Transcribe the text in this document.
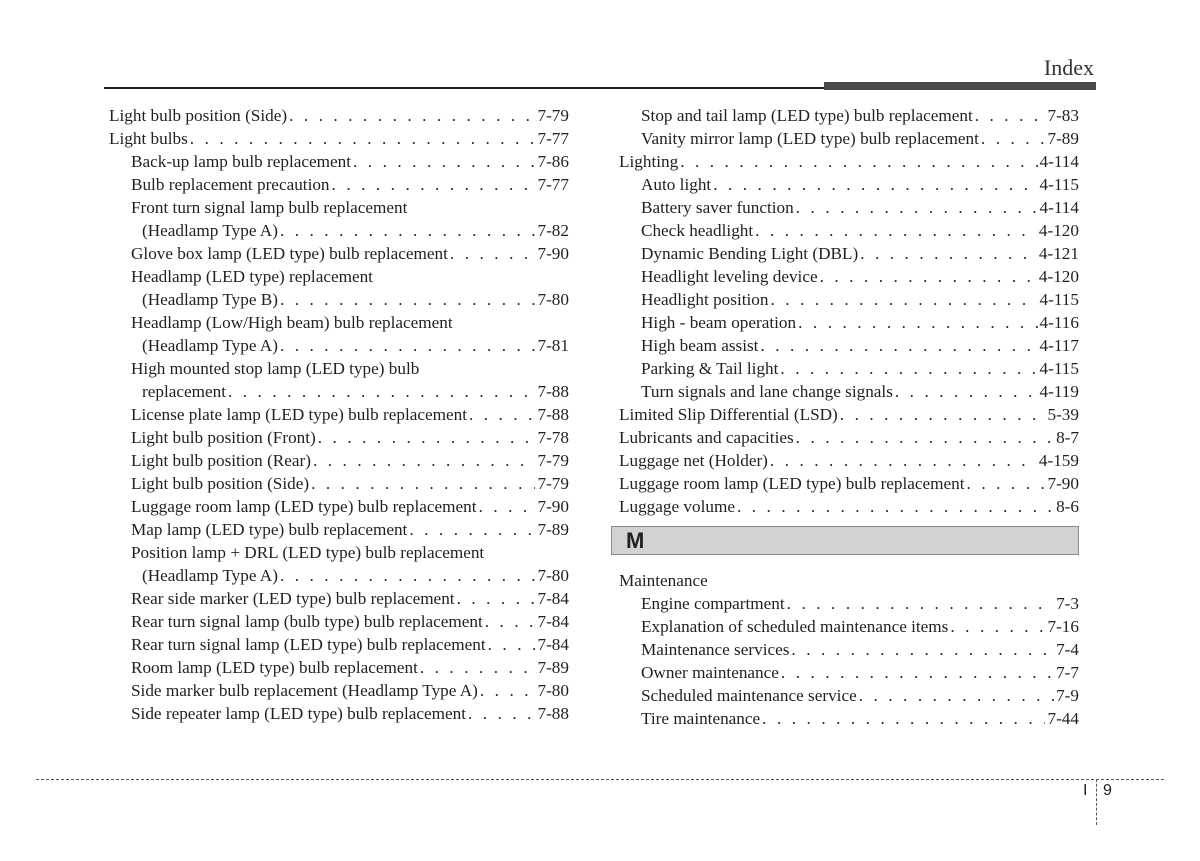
Index
Light bulb position (Side) . . .	7-79
Light bulbs . . .	7-77
Back-up lamp bulb replacement . . .	7-86
Bulb replacement precaution . . .	7-77
Front turn signal lamp bulb replacement
(Headlamp Type A) . . .	7-82
Glove box lamp (LED type) bulb replacement . . .	7-90
Headlamp (LED type) replacement
(Headlamp Type B) . . .	7-80
Headlamp (Low/High beam) bulb replacement
(Headlamp Type A) . . .	7-81
High mounted stop lamp (LED type) bulb
replacement . . .	7-88
License plate lamp (LED type) bulb replacement . . .	7-88
Light bulb position (Front) . . .	7-78
Light bulb position (Rear) . . .	7-79
Light bulb position (Side) . . .	7-79
Luggage room lamp (LED type) bulb replacement . . .	7-90
Map lamp (LED type) bulb replacement . . .	7-89
Position lamp + DRL (LED type) bulb replacement
(Headlamp Type A) . . .	7-80
Rear side marker (LED type) bulb replacement . . .	7-84
Rear turn signal lamp (bulb type) bulb replacement . . .	7-84
Rear turn signal lamp (LED type) bulb replacement . . .	7-84
Room lamp (LED type) bulb replacement . . .	7-89
Side marker bulb replacement (Headlamp Type A) . . .	7-80
Side repeater lamp (LED type) bulb replacement . . .	7-88
Stop and tail lamp (LED type) bulb replacement . . .	7-83
Vanity mirror lamp (LED type) bulb replacement . . .	7-89
Lighting . . .	4-114
Auto light . . .	4-115
Battery saver function . . .	4-114
Check headlight . . .	4-120
Dynamic Bending Light (DBL) . . .	4-121
Headlight leveling device . . .	4-120
Headlight position . . .	4-115
High - beam operation . . .	4-116
High beam assist . . .	4-117
Parking & Tail light . . .	4-115
Turn signals and lane change signals . . .	4-119
Limited Slip Differential (LSD) . . .	5-39
Lubricants and capacities . . .	8-7
Luggage net (Holder) . . .	4-159
Luggage room lamp (LED type) bulb replacement . . .	7-90
Luggage volume . . .	8-6
M
Maintenance
Engine compartment . . .	7-3
Explanation of scheduled maintenance items . . .	7-16
Maintenance services . . .	7-4
Owner maintenance . . .	7-7
Scheduled maintenance service . . .	7-9
Tire maintenance . . .	7-44
I 9
